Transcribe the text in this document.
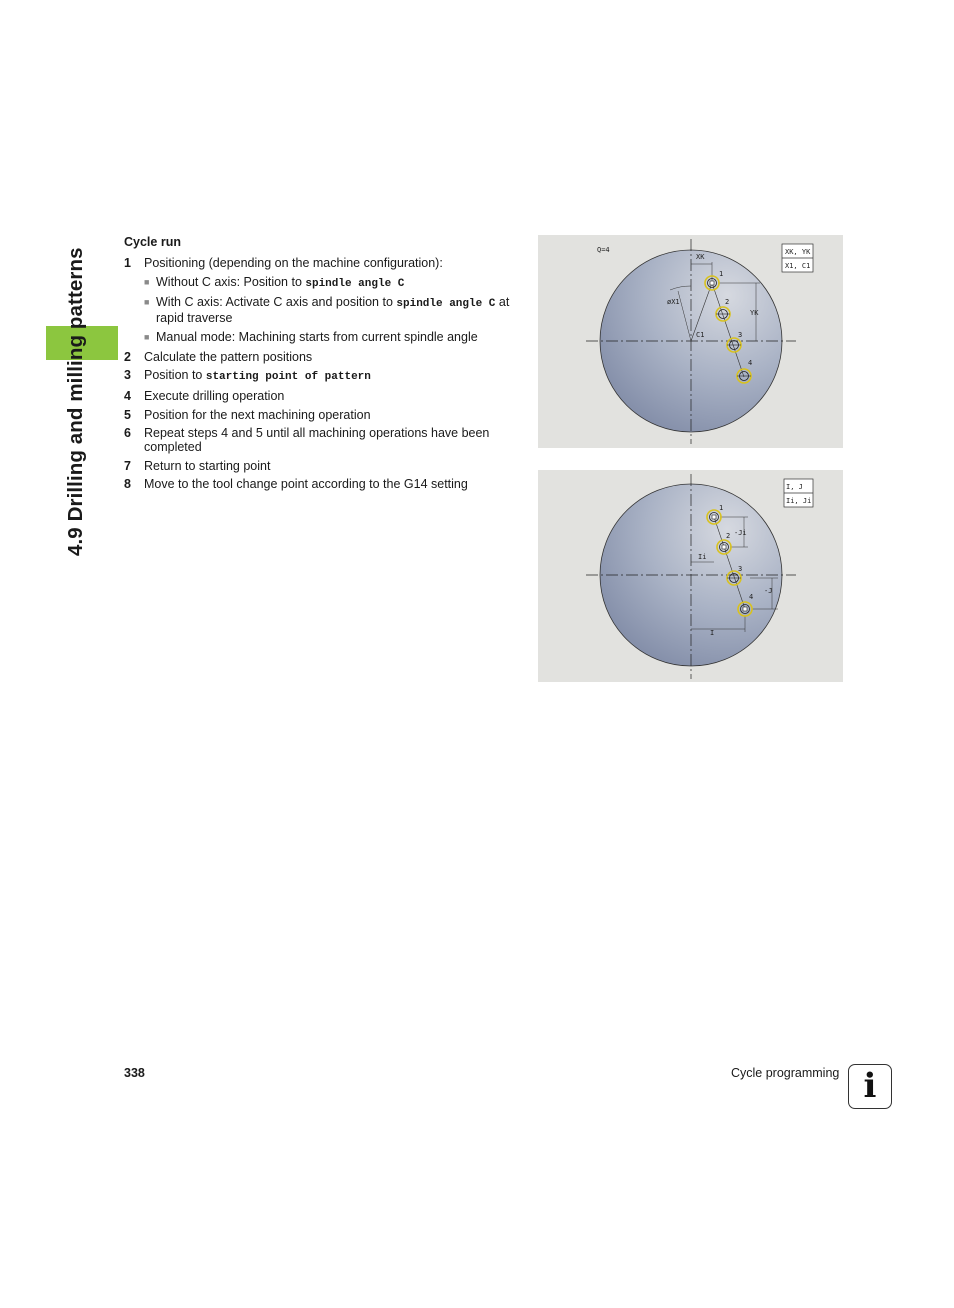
4.9 Drilling and milling patterns
Cycle run
1	Positioning (depending on the machine configuration):
■ Without C axis: Position to spindle angle C
■ With C axis: Activate C axis and position to spindle angle C at rapid traverse
■ Manual mode: Machining starts from current spindle angle
2	Calculate the pattern positions
3	Position to starting point of pattern
4	Execute drilling operation
5	Position for the next machining operation
6	Repeat steps 4 and 5 until all machining operations have been completed
7	Return to starting point
8	Move to the tool change point according to the G14 setting
Q=4
XK
YK
øX1
C1
1
2
3
4
XK, YK
X1, C1
1
2
3
4
Ii
-Ji
-J
I
I, J
Ii, Ji
338	Cycle programming i
